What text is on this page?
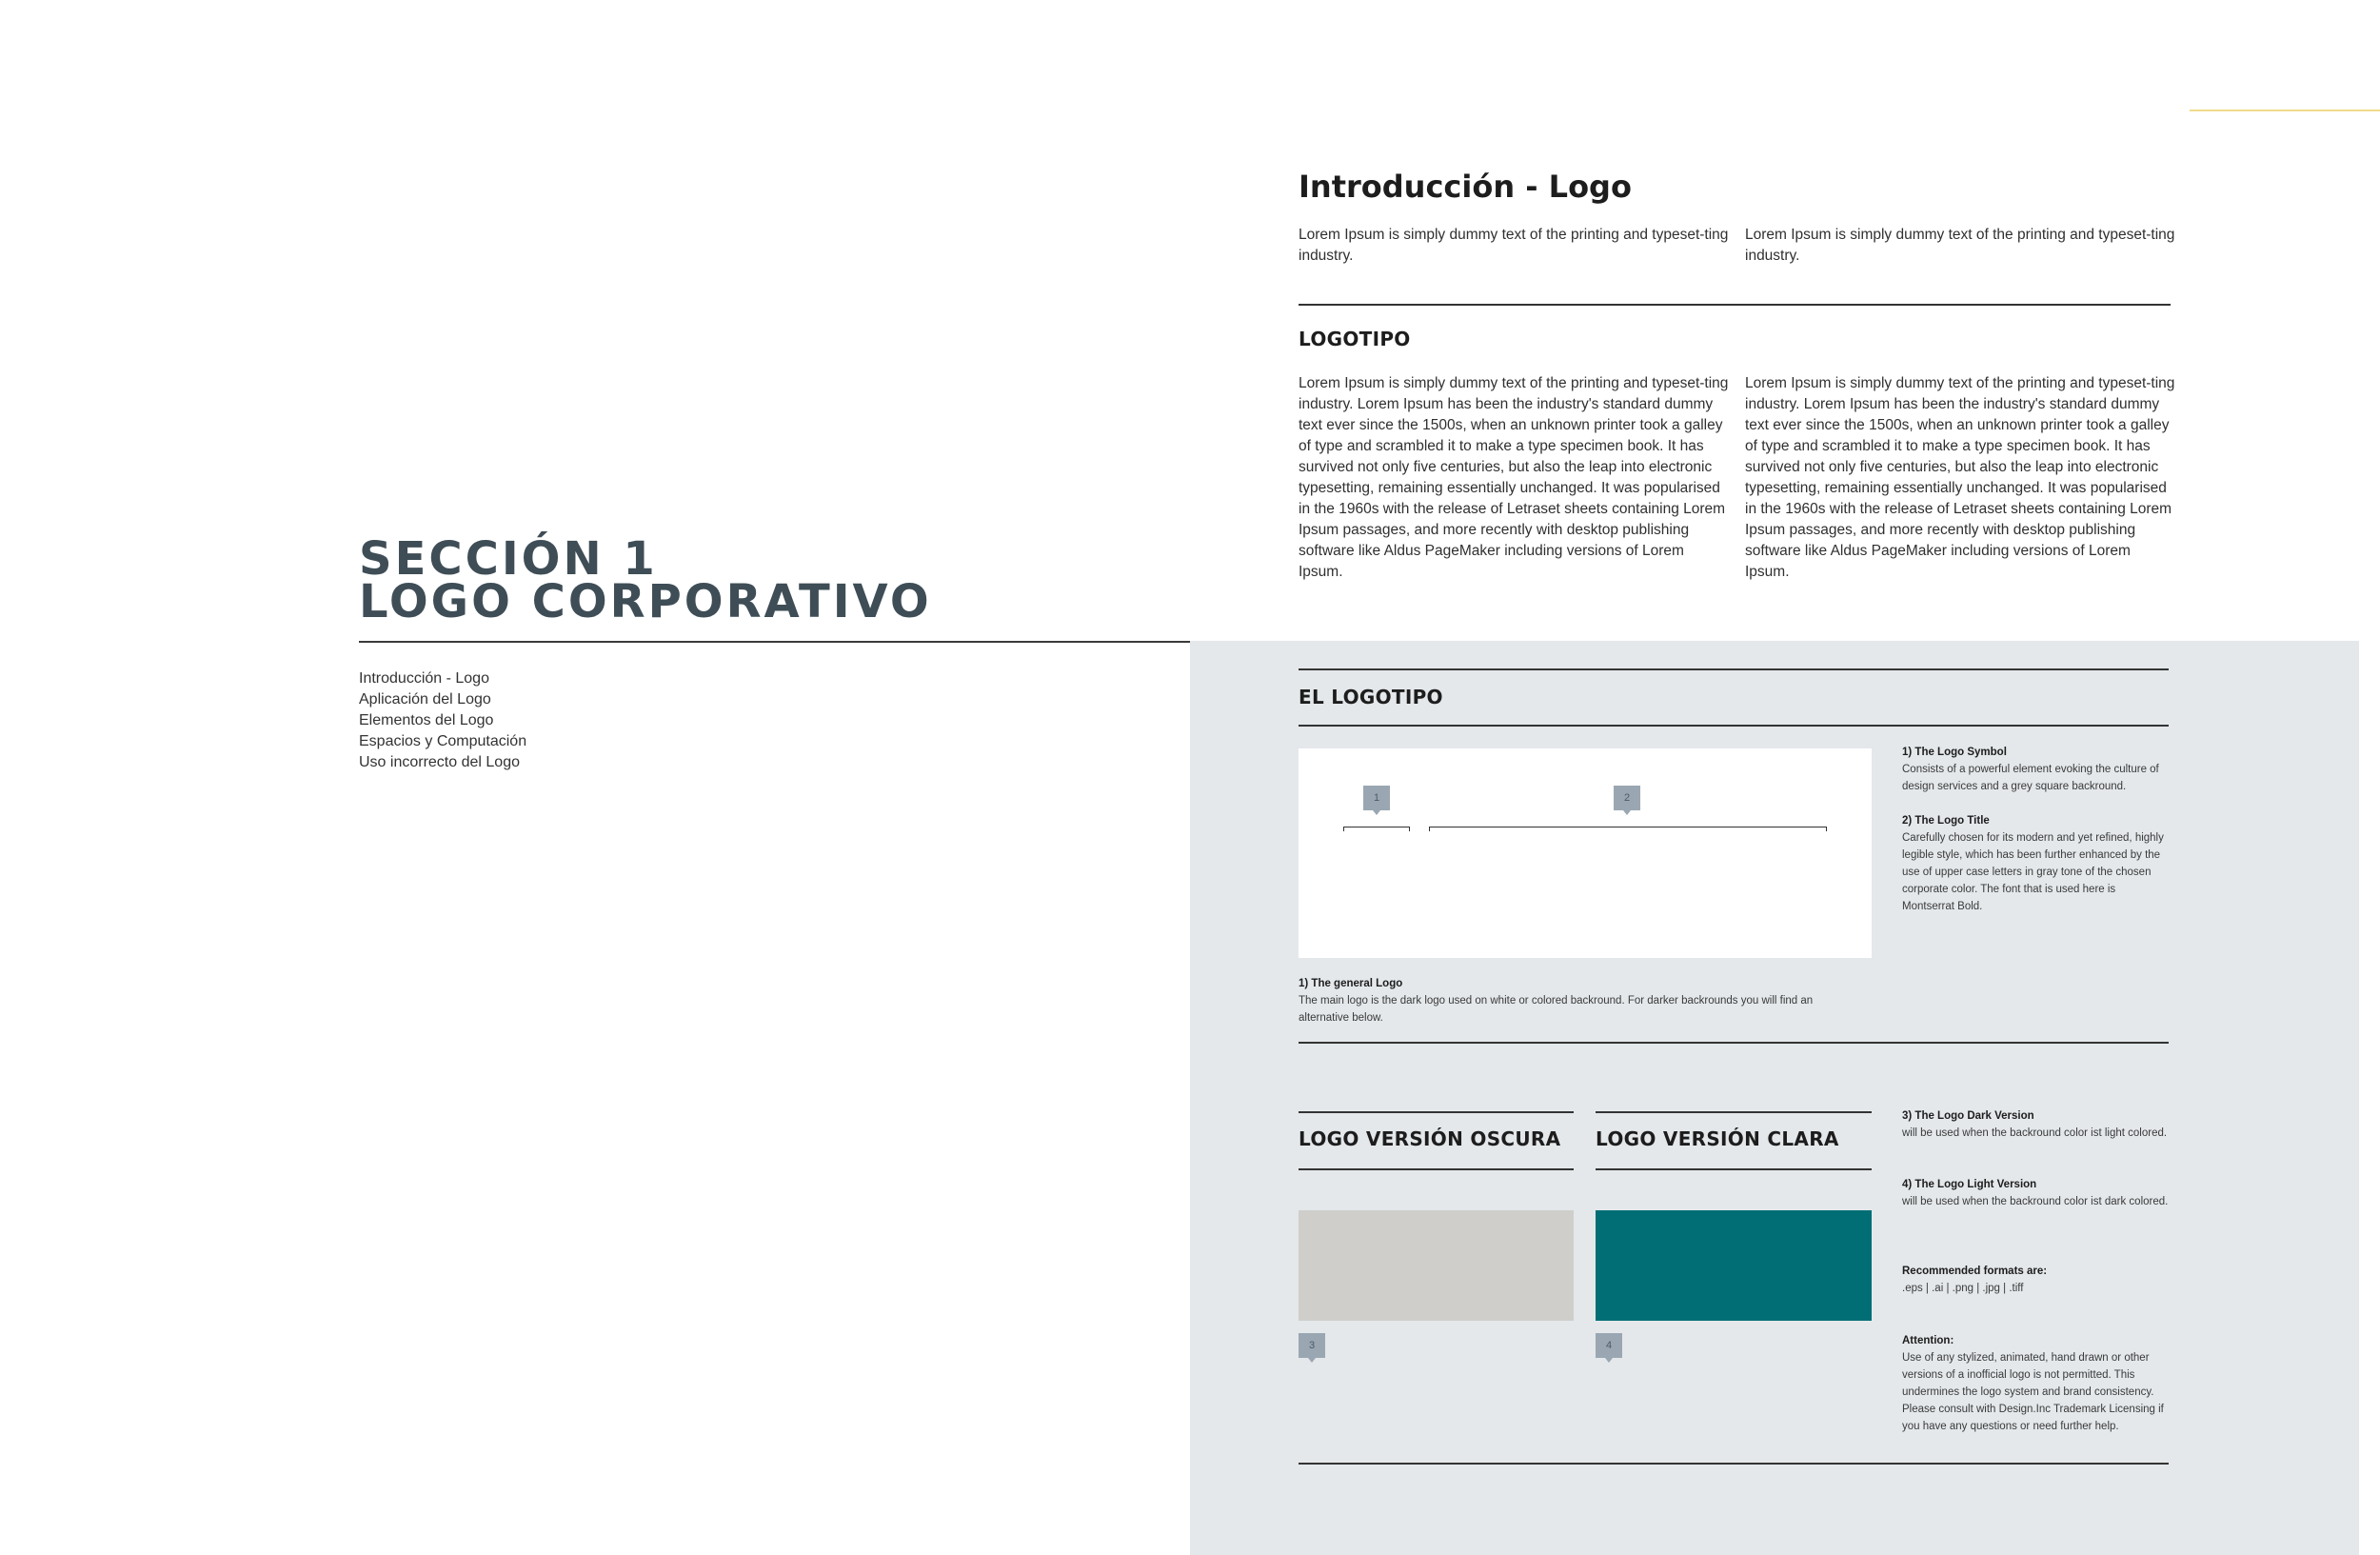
SECCIÓN 1
LOGO CORPORATIVO
Introducción - Logo
Aplicación del Logo
Elementos del Logo
Espacios y Computación
Uso incorrecto del Logo
Introducción - Logo
Lorem Ipsum is simply dummy text of the printing and typeset-ting industry.
Lorem Ipsum is simply dummy text of the printing and typeset-ting industry.
LOGOTIPO
Lorem Ipsum is simply dummy text of the printing and typeset-ting industry. Lorem Ipsum has been the industry's standard dummy text ever since the 1500s, when an unknown printer took a galley of type and scrambled it to make a type specimen book. It has survived not only five centuries, but also the leap into electronic typesetting, remaining essentially unchanged. It was popularised in the 1960s with the release of Letraset sheets containing Lorem Ipsum passages, and more recently with desktop publishing software like Aldus PageMaker including versions of Lorem Ipsum.
Lorem Ipsum is simply dummy text of the printing and typeset-ting industry. Lorem Ipsum has been the industry's standard dummy text ever since the 1500s, when an unknown printer took a galley of type and scrambled it to make a type specimen book. It has survived not only five centuries, but also the leap into electronic typesetting, remaining essentially unchanged. It was popularised in the 1960s with the release of Letraset sheets containing Lorem Ipsum passages, and more recently with desktop publishing software like Aldus PageMaker including versions of Lorem Ipsum.
EL LOGOTIPO
1	2
1) The general Logo
The main logo is the dark logo used on white or colored backround. For darker backrounds you will find an alternative below.
1) The Logo Symbol
Consists of a powerful element evoking the culture of design services and a grey square backround.
2) The Logo Title
Carefully chosen for its modern and yet refined, highly legible style, which has been further enhanced by the use of upper case letters in gray tone of the chosen corporate color. The font that is used here is Montserrat Bold.
LOGO VERSIÓN OSCURA LOGO VERSIÓN CLARA
3	4
3) The Logo Dark Version
will be used when the backround color ist light colored.
4) The Logo Light Version
will be used when the backround color ist dark colored.
Recommended formats are:
.eps | .ai | .png | .jpg | .tiff
Attention:
Use of any stylized, animated, hand drawn or other versions of a inofficial logo is not permitted. This undermines the logo system and brand consistency. Please consult with Design.Inc Trademark Licensing if you have any questions or need further help.
